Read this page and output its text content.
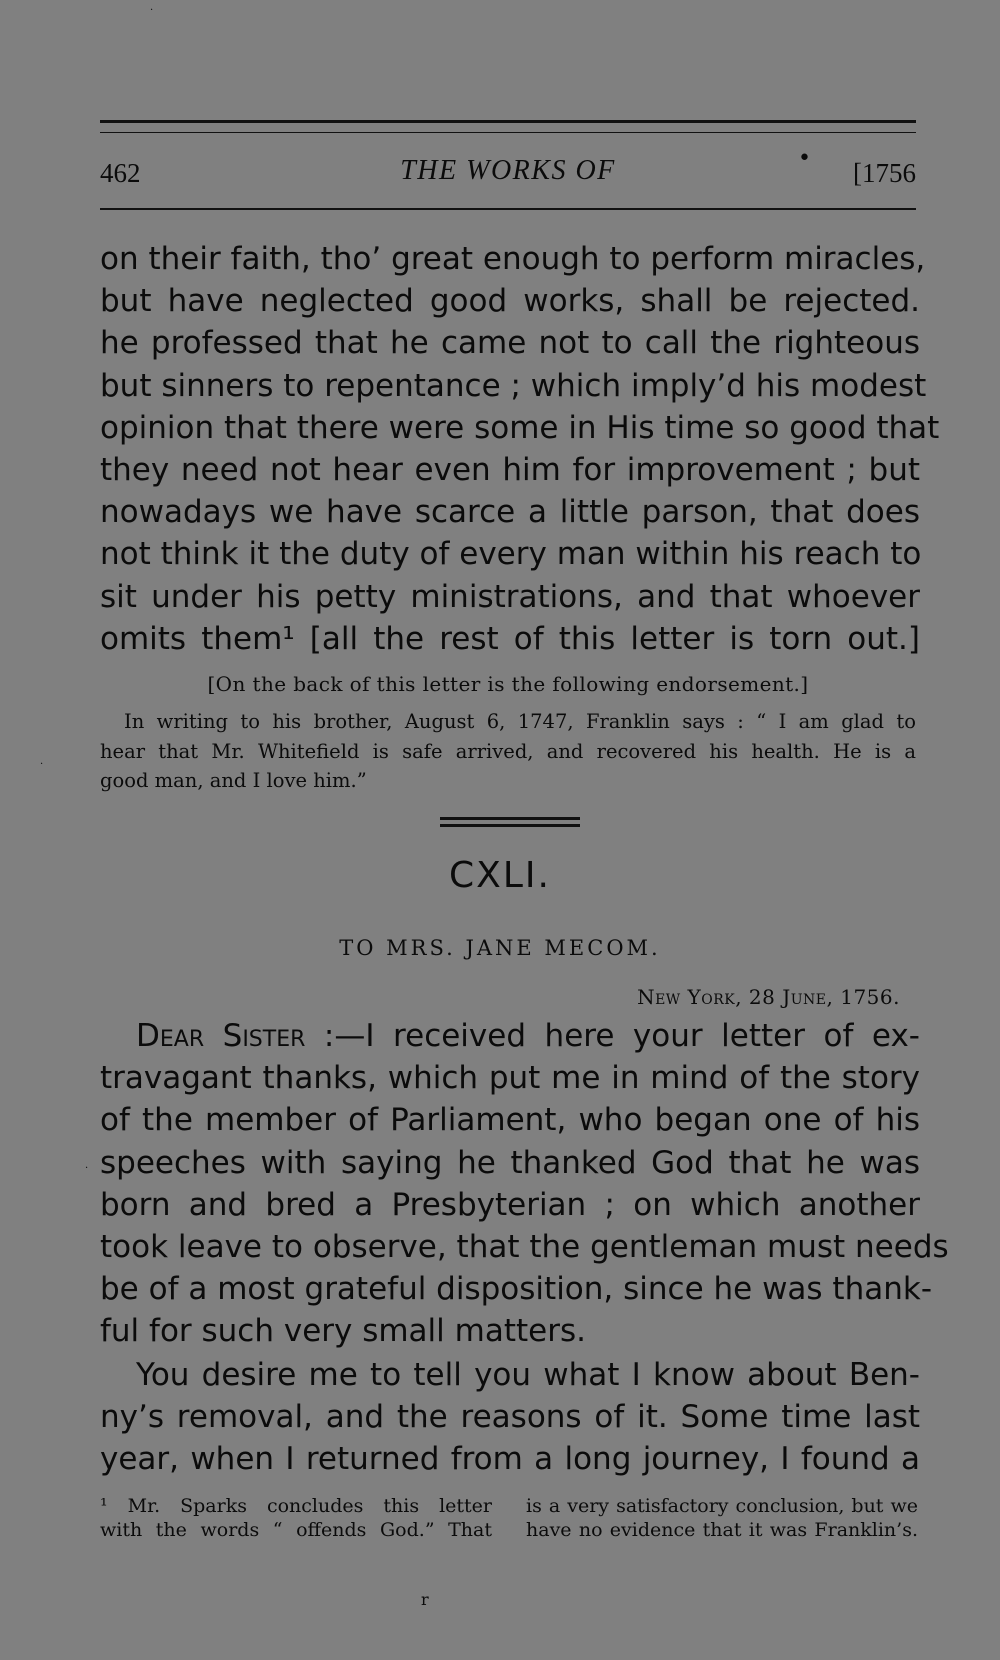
.
462	THE WORKS OF	• [1756
on their faith, tho’ great enough to perform miracles,
but have neglected good works, shall be rejected.
he professed that he came not to call the righteous
but sinners to repentance ; which imply’d his modest
opinion that there were some in His time so good that
they need not hear even him for improvement ; but
nowadays we have scarce a little parson, that does
not think it the duty of every man within his reach to
sit under his petty ministrations, and that whoever
omits them¹ [all the rest of this letter is torn out.]
[On the back of this letter is the following endorsement.]
.
In writing to his brother, August 6, 1747, Franklin says : “ I am glad to
hear that Mr. Whitefield is safe arrived, and recovered his health. He is a
good man, and I love him.”
CXLI.
TO MRS. JANE MECOM.
New York, 28 June, 1756.
Dear Sister :—I received here your letter of ex-
travagant thanks, which put me in mind of the story
of the member of Parliament, who began one of his
speeches with saying he thanked God that he was
born and bred a Presbyterian ; on which another
took leave to observe, that the gentleman must needs
be of a most grateful disposition, since he was thank-
ful for such very small matters.
.
You desire me to tell you what I know about Ben-
ny’s removal, and the reasons of it. Some time last
year, when I returned from a long journey, I found a
¹ Mr. Sparks concludes this letter
with the words “ offends God.” That
is a very satisfactory conclusion, but we
have no evidence that it was Franklin’s.
r
